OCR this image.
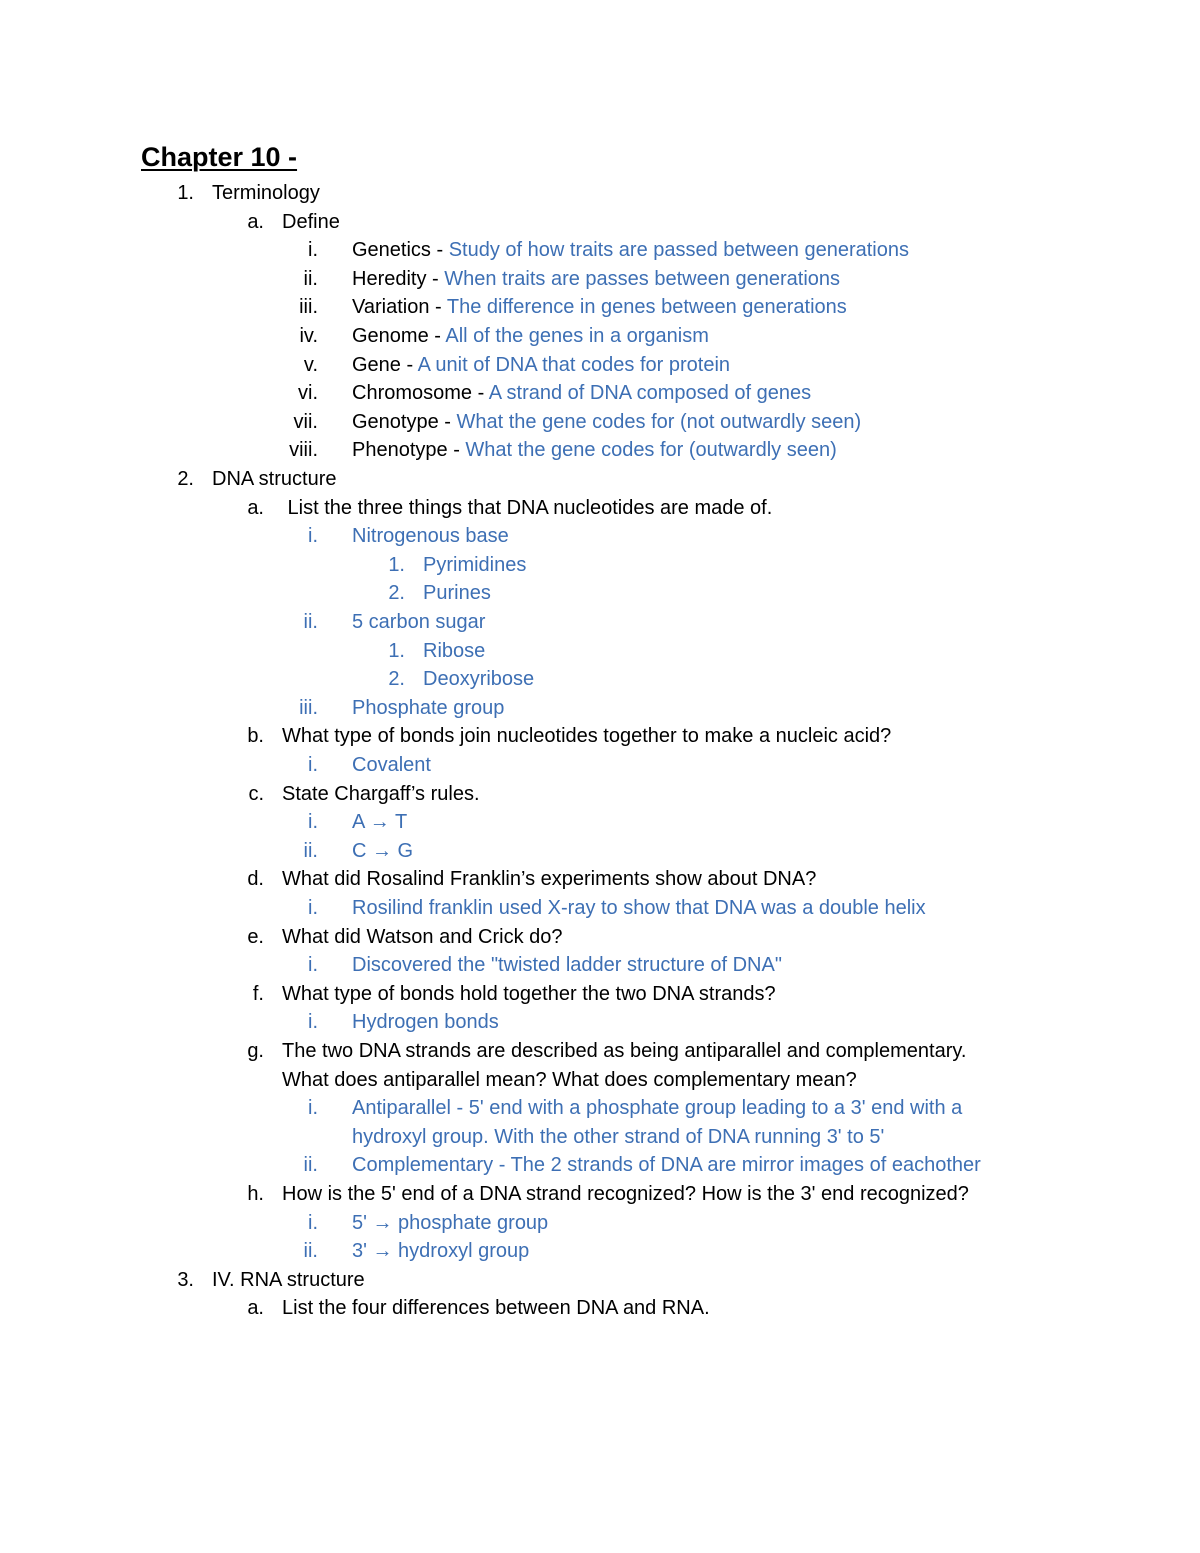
Chapter 10 -
1. Terminology
a. Define
i. Genetics - Study of how traits are passed between generations
ii. Heredity - When traits are passes between generations
iii. Variation - The difference in genes between generations
iv. Genome - All of the genes in a organism
v. Gene - A unit of DNA that codes for protein
vi. Chromosome - A strand of DNA composed of genes
vii. Genotype - What the gene codes for (not outwardly seen)
viii. Phenotype - What the gene codes for (outwardly seen)
2. DNA structure
a. List the three things that DNA nucleotides are made of.
i. Nitrogenous base
1. Pyrimidines
2. Purines
ii. 5 carbon sugar
1. Ribose
2. Deoxyribose
iii. Phosphate group
b. What type of bonds join nucleotides together to make a nucleic acid?
i. Covalent
c. State Chargaff’s rules.
i. A → T
ii. C → G
d. What did Rosalind Franklin’s experiments show about DNA?
i. Rosilind franklin used X-ray to show that DNA was a double helix
e. What did Watson and Crick do?
i. Discovered the "twisted ladder structure of DNA"
f. What type of bonds hold together the two DNA strands?
i. Hydrogen bonds
g. The two DNA strands are described as being antiparallel and complementary.
What does antiparallel mean? What does complementary mean?
i. Antiparallel - 5' end with a phosphate group leading to a 3' end with a
hydroxyl group. With the other strand of DNA running 3' to 5'
ii. Complementary - The 2 strands of DNA are mirror images of eachother
h. How is the 5' end of a DNA strand recognized? How is the 3' end recognized?
i. 5' → phosphate group
ii. 3' → hydroxyl group
3. IV. RNA structure
a. List the four differences between DNA and RNA.
